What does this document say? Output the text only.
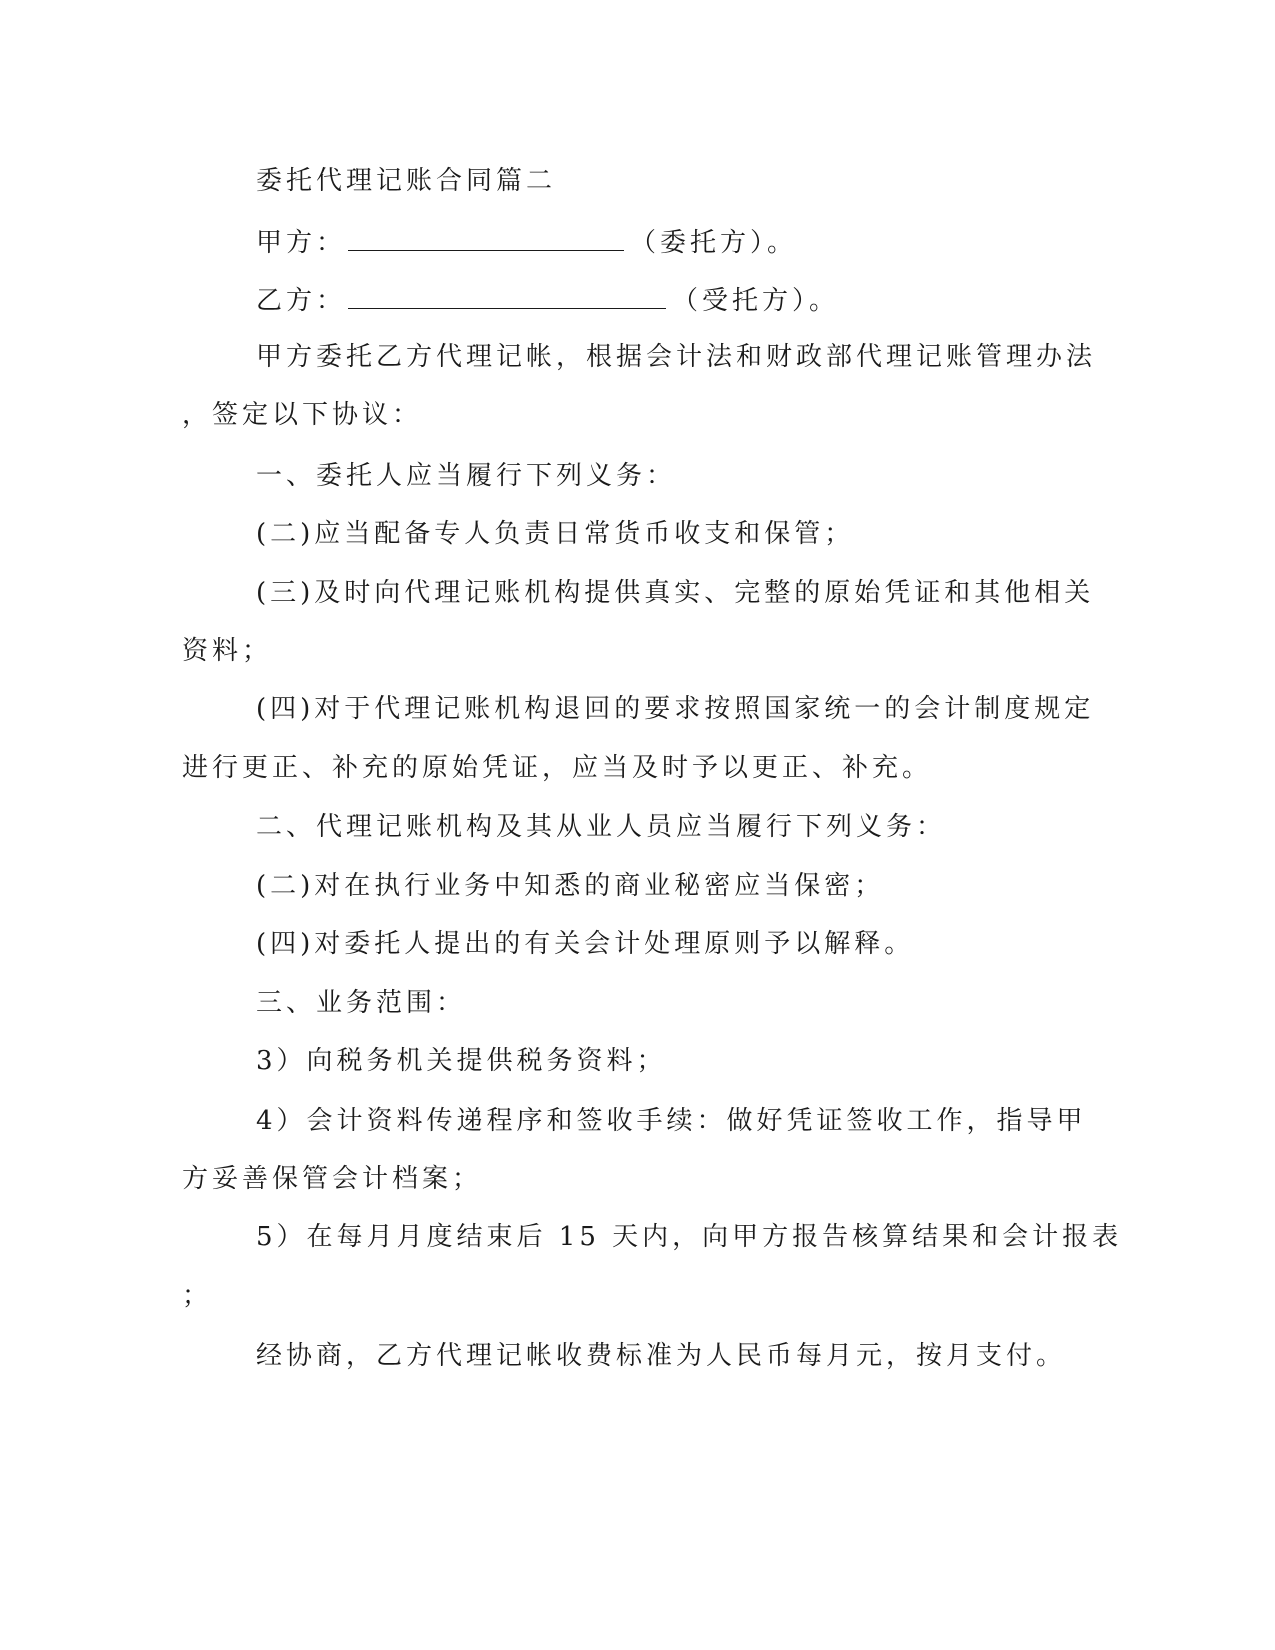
委托代理记账合同篇二
甲方：	（委托方）。
乙方：	（受托方）。
甲方委托乙方代理记帐，根据会计法和财政部代理记账管理办法
，签定以下协议：
一、委托人应当履行下列义务：
(二)应当配备专人负责日常货币收支和保管；
(三)及时向代理记账机构提供真实、完整的原始凭证和其他相关
资料；
(四)对于代理记账机构退回的要求按照国家统一的会计制度规定
进行更正、补充的原始凭证，应当及时予以更正、补充。
二、代理记账机构及其从业人员应当履行下列义务：
(二)对在执行业务中知悉的商业秘密应当保密；
(四)对委托人提出的有关会计处理原则予以解释。
三、业务范围：
3）向税务机关提供税务资料；
4）会计资料传递程序和签收手续：做好凭证签收工作，指导甲
方妥善保管会计档案；
5）在每月月度结束后 15 天内，向甲方报告核算结果和会计报表
；
经协商，乙方代理记帐收费标准为人民币每月元，按月支付。
